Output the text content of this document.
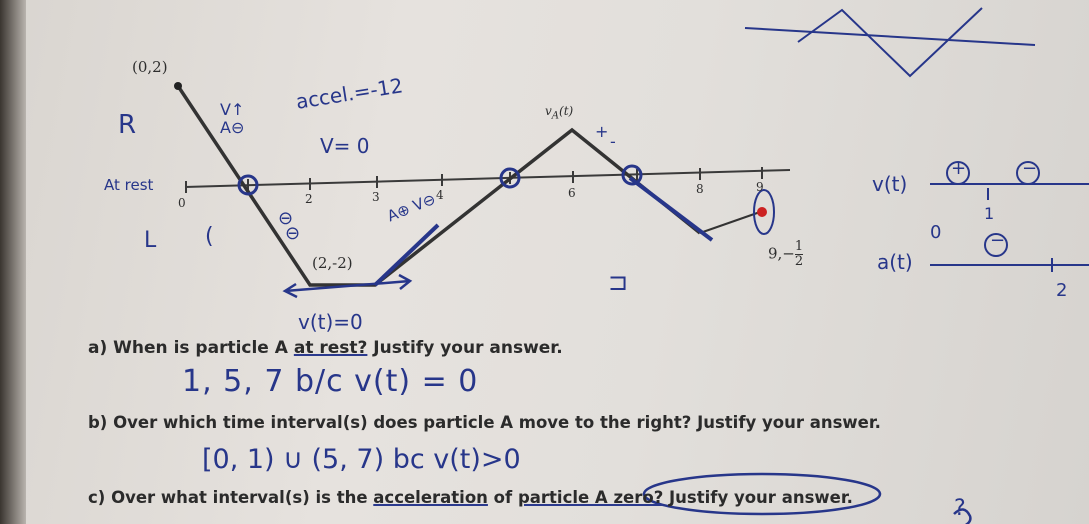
(0,2)
(2,-2)
$9,- \frac{1}{2}$
$v_A(t)$
0	2	3	4	6	8	9
R
At rest
L (
V↑
A⊖
accel.=-12
V= 0
⊖
⊖
A⊕ V⊖
v(t)=0
+
-
⊐
v(t)
a(t)
+	−
−
0
1
2
a) When is particle A at rest? Justify your answer.
1, 5, 7 b/c v(t) = 0
b) Over which time interval(s) does particle A move to the right? Justify your answer.
[0, 1) ∪ (5, 7) bc v(t)>0
c) Over what interval(s) is the acceleration of particle A zero? Justify your answer.	?
